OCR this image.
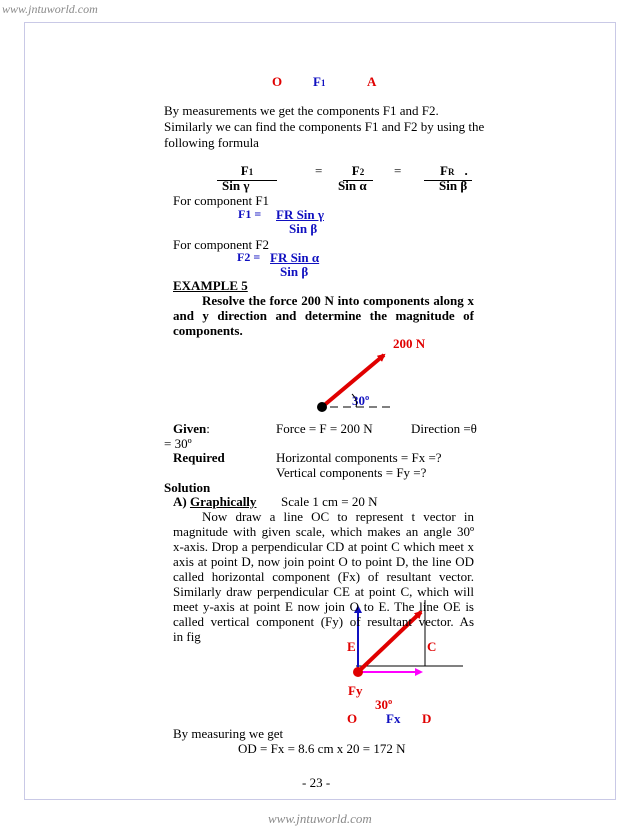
www.jntuworld.com
O F1	A
By measurements we get the components F1 and F2.
Similarly we can find the components F1 and F2 by using the
following formula
F1
Sin γ
=	F2
Sin α
=	FR .
Sin β
For component F1
F1 = FR Sin γ
Sin β
For component F2
F2 = FR Sin α
Sin β
EXAMPLE 5
Resolve the force 200 N into components along x
and y direction and determine the magnitude of
components.
200 N
30º
Given:	Force = F = 200 N	Direction =θ
= 30º
Required	Horizontal components = Fx =?
Vertical components = Fy =?
Solution
A) Graphically Scale 1 cm = 20 N
Now draw a line OC to represent t vector in
magnitude with given scale, which makes an angle 30º
x-axis. Drop a perpendicular CD at point C which meet x
axis at point D, now join point O to point D, the line OD
called horizontal component (Fx) of resultant vector.
Similarly draw perpendicular CE at point C, which will
meet y-axis at point E now join O to E. The line OE is
called vertical component (Fy) of resultant vector. As
in fig
E	C
Fy
30º
O Fx D
By measuring we get
OD = Fx = 8.6 cm x 20 = 172 N
- 23 -
www.jntuworld.com
